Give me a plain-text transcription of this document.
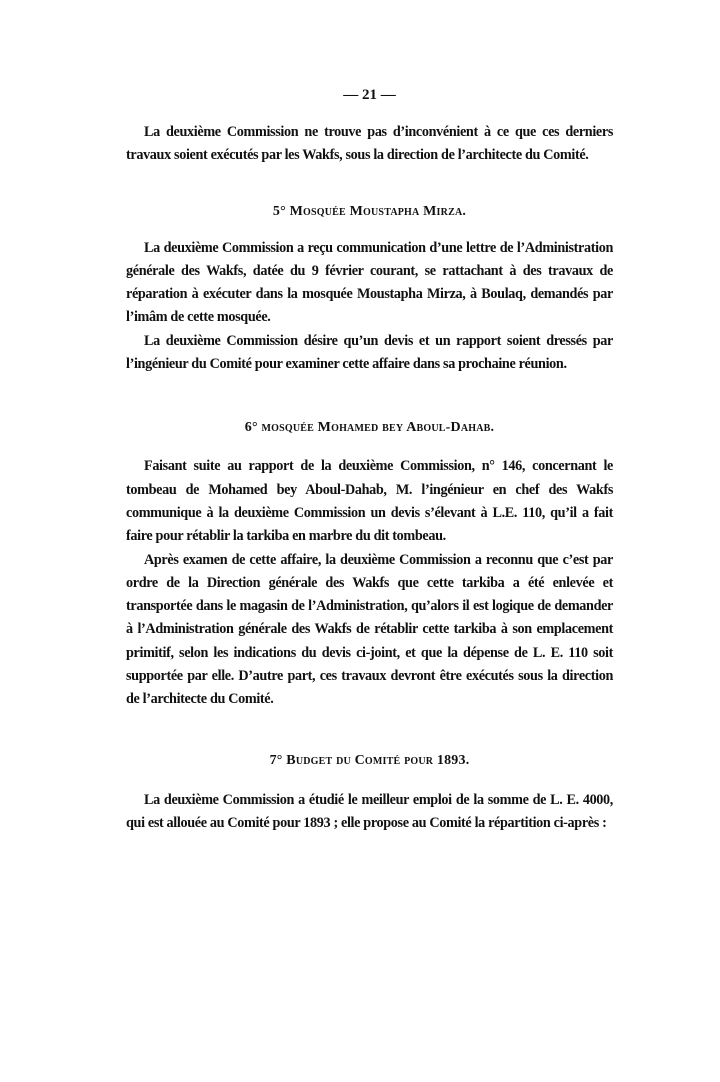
— 21 —

La deuxième Commission ne trouve pas d’inconvénient à ce que ces derniers travaux soient exécutés par les Wakfs, sous la direction de l’architecte du Comité.

5° Mosquée Moustapha Mirza.

La deuxième Commission a reçu communication d’une lettre de l’Administration générale des Wakfs, datée du 9 février courant, se rattachant à des travaux de réparation à exécuter dans la mosquée Moustapha Mirza, à Boulaq, demandés par l’imâm de cette mosquée.

La deuxième Commission désire qu’un devis et un rapport soient dressés par l’ingénieur du Comité pour examiner cette affaire dans sa prochaine réunion.

6° mosquée Mohamed bey Aboul-Dahab.

Faisant suite au rapport de la deuxième Commission, n° 146, concernant le tombeau de Mohamed bey Aboul-Dahab, M. l’ingénieur en chef des Wakfs communique à la deuxième Commission un devis s’élevant à L.E. 110, qu’il a fait faire pour rétablir la tarkiba en marbre du dit tombeau.

Après examen de cette affaire, la deuxième Commission a reconnu que c’est par ordre de la Direction générale des Wakfs que cette tarkiba a été enlevée et transportée dans le magasin de l’Administration, qu’alors il est logique de demander à l’Administration générale des Wakfs de rétablir cette tarkiba à son emplacement primitif, selon les indications du devis ci-joint, et que la dépense de L. E. 110 soit supportée par elle. D’autre part, ces travaux devront être exécutés sous la direction de l’architecte du Comité.

7° Budget du Comité pour 1893.

La deuxième Commission a étudié le meilleur emploi de la somme de L. E. 4000, qui est allouée au Comité pour 1893 ; elle propose au Comité la répartition ci-après :
